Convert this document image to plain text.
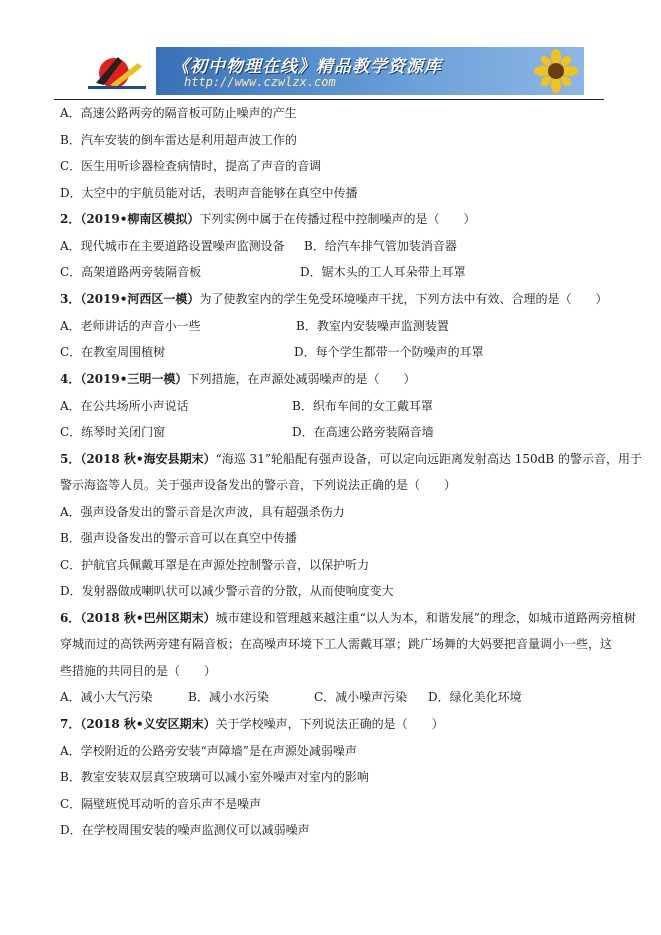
《初中物理在线》精品教学资源库
http://www.czwlzx.com
A．高速公路两旁的隔音板可防止噪声的产生
B．汽车安装的倒车雷达是利用超声波工作的
C．医生用听诊器检查病情时，提高了声音的音调
D．太空中的宇航员能对话，表明声音能够在真空中传播
2．（2019•柳南区模拟）下列实例中属于在传播过程中控制噪声的是（　　）
A．现代城市在主要道路设置噪声监测设备 B．给汽车排气管加装消音器
C．高架道路两旁装隔音板	D．锯木头的工人耳朵带上耳罩
3．（2019•河西区一模）为了使教室内的学生免受环境噪声干扰，下列方法中有效、合理的是（　　）
A．老师讲话的声音小一些	B．教室内安装噪声监测装置
C．在教室周围植树	D．每个学生都带一个防噪声的耳罩
4．（2019•三明一模）下列措施，在声源处减弱噪声的是（　　）
A．在公共场所小声说话	B．织布车间的女工戴耳罩
C．练琴时关闭门窗	D．在高速公路旁装隔音墙
5．（2018 秋•海安县期末）“海巡 31”轮船配有强声设备，可以定向远距离发射高达 150dB 的警示音，用于
警示海盗等人员。关于强声设备发出的警示音，下列说法正确的是（　　）
A．强声设备发出的警示音是次声波，具有超强杀伤力
B．强声设备发出的警示音可以在真空中传播
C．护航官兵佩戴耳罩是在声源处控制警示音，以保护听力
D．发射器做成喇叭状可以减少警示音的分散，从而使响度变大
6．（2018 秋•巴州区期末）城市建设和管理越来越注重“以人为本，和谐发展”的理念，如城市道路两旁植树
穿城而过的高铁两旁建有隔音板；在高噪声环境下工人需戴耳罩；跳广场舞的大妈要把音量调小一些，这
些措施的共同目的是（　　）
A．减小大气污染	B．减小水污染	C．减小噪声污染 D．绿化美化环境
7．（2018 秋•义安区期末）关于学校噪声，下列说法正确的是（　　）
A．学校附近的公路旁安装“声障墙”是在声源处减弱噪声
B．教室安装双层真空玻璃可以减小室外噪声对室内的影响
C．隔壁班悦耳动听的音乐声不是噪声
D．在学校周围安装的噪声监测仪可以减弱噪声
